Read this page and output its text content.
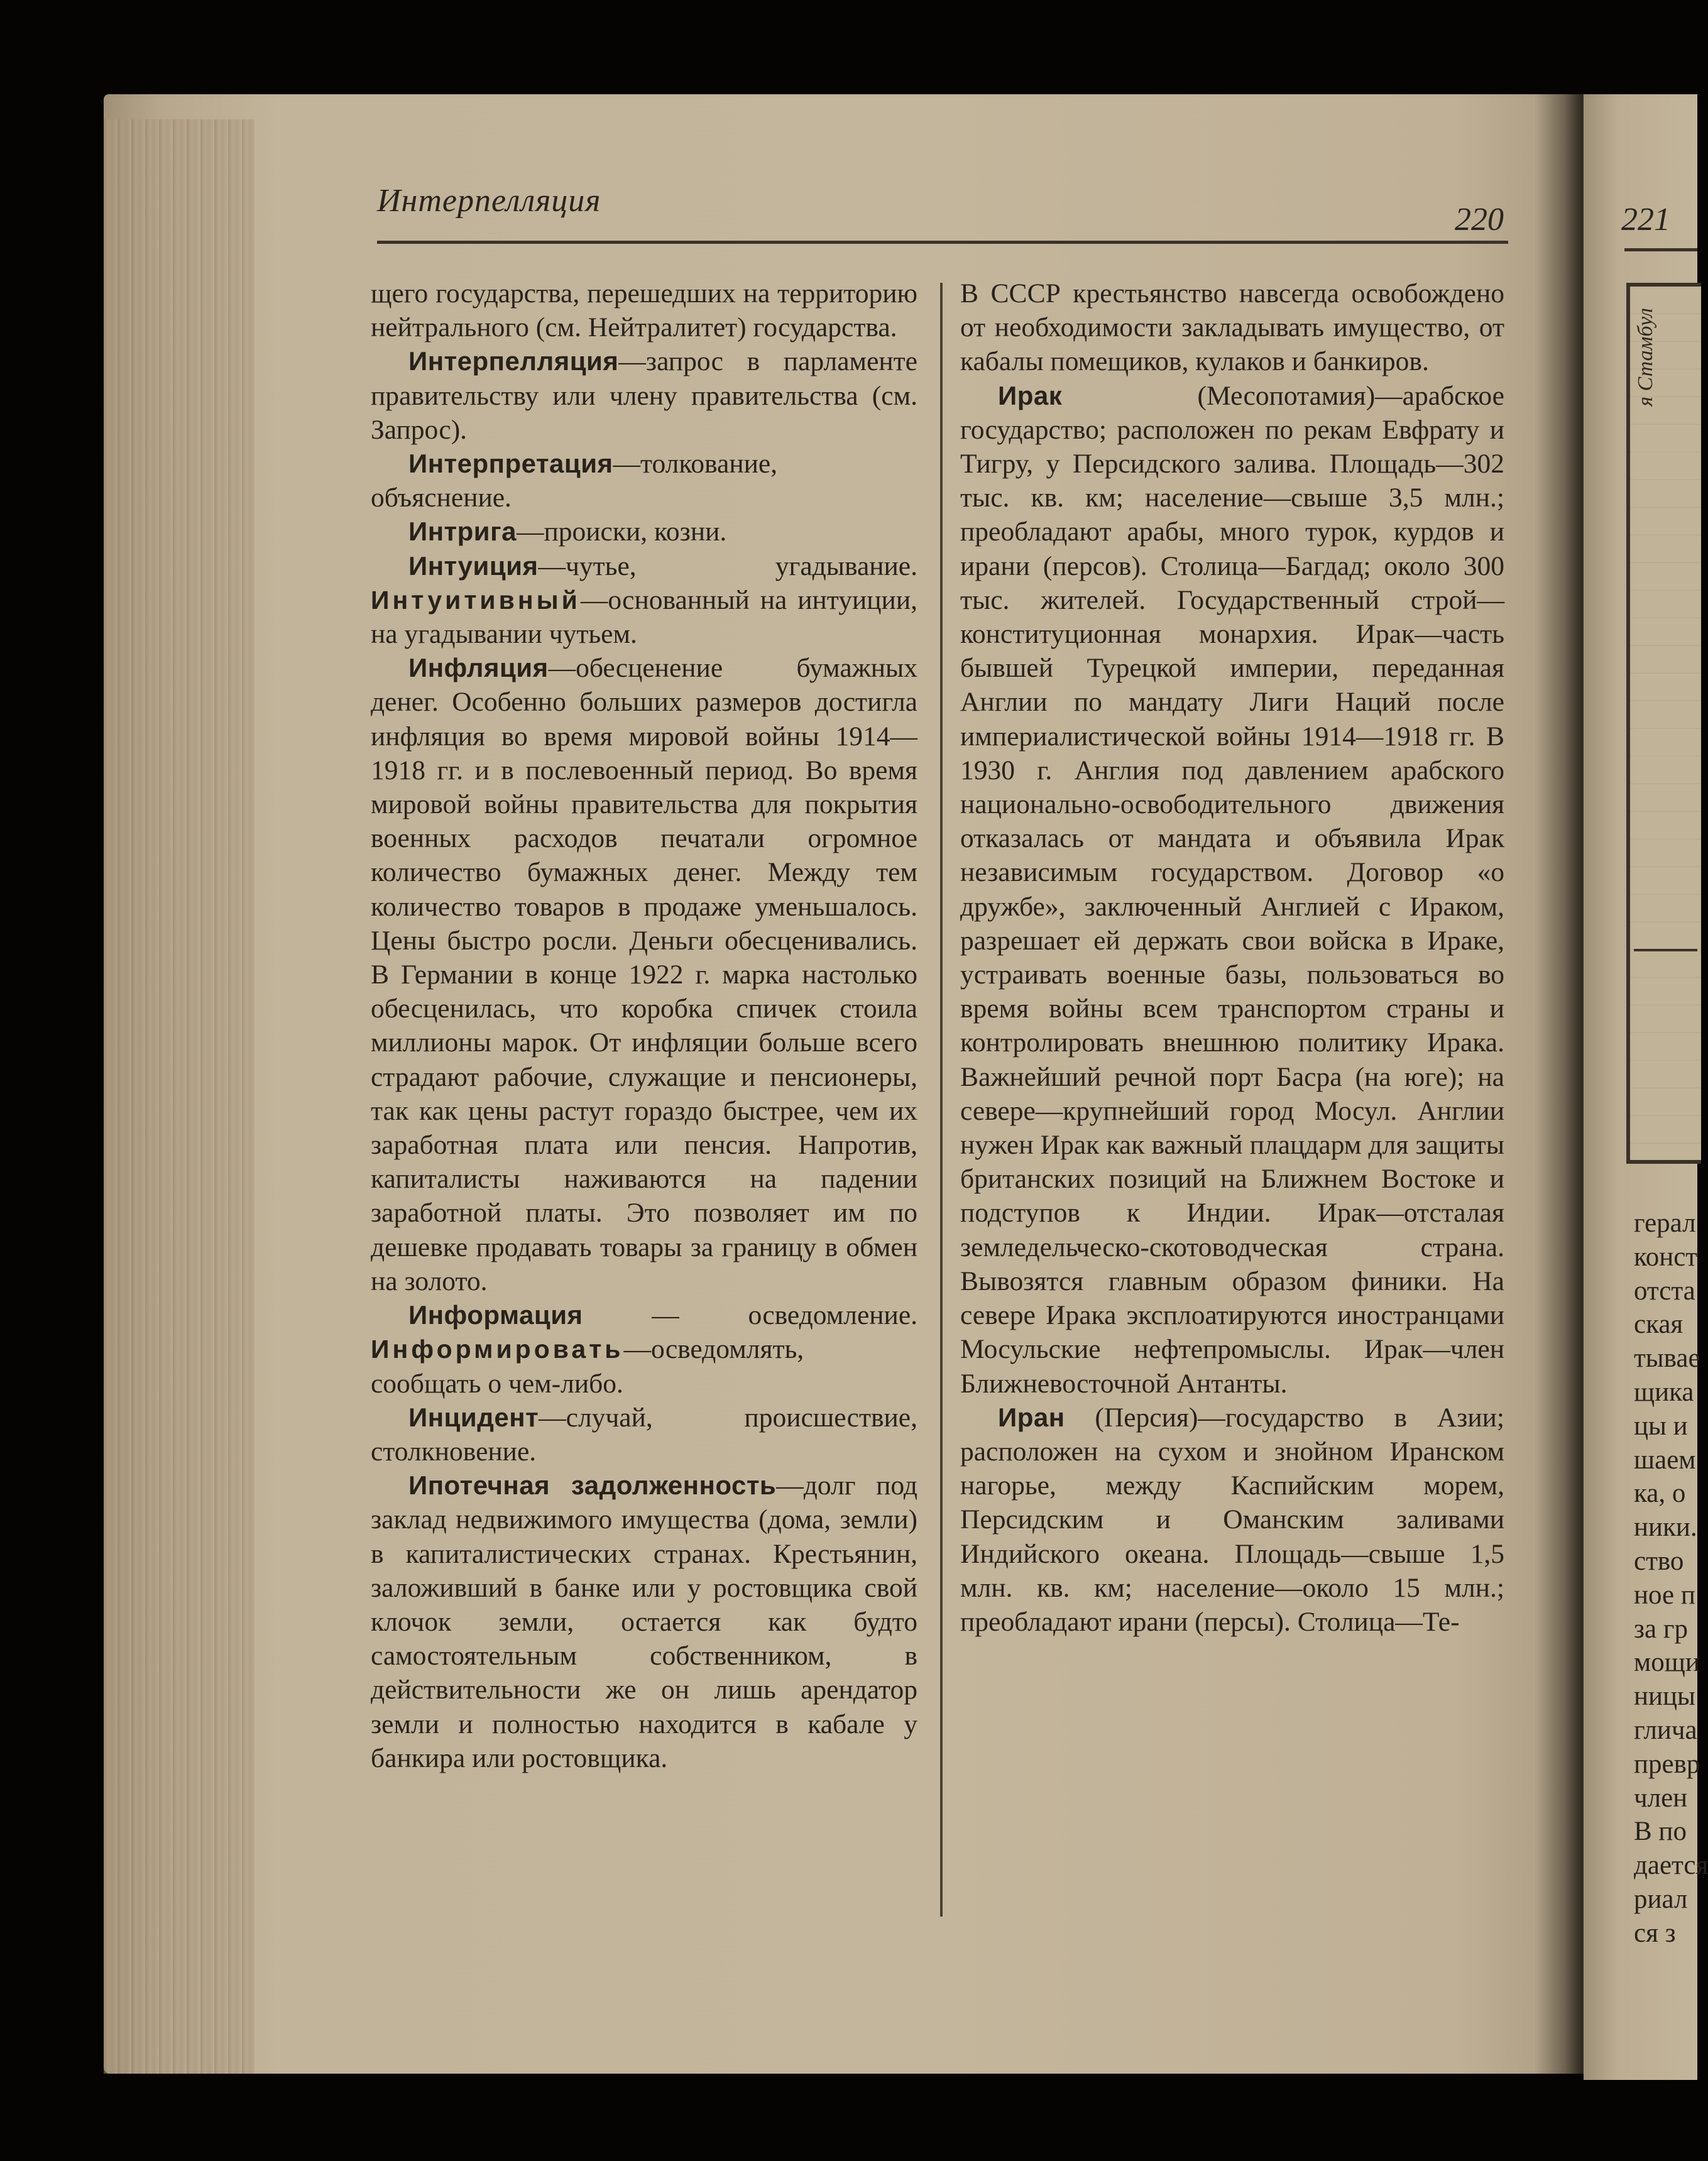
Интерпелляция
220	221

щего государства, перешедших на территорию нейтрального (см. Нейтралитет) государства.

Интерпелляция—запрос в парламенте правительству или члену правительства (см. Запрос).

Интерпретация—толкование, объяснение.

Интрига—происки, козни.

Интуиция—чутье, угадывание. Интуитивный—основанный на интуиции, на угадывании чутьем.

Инфляция—обесценение бумажных денег. Особенно больших размеров достигла инфляция во время мировой войны 1914—1918 гг. и в послевоенный период. Во время мировой войны правительства для покрытия военных расходов печатали огромное количество бумажных денег. Между тем количество товаров в продаже уменьшалось. Цены быстро росли. Деньги обесценивались. В Германии в конце 1922 г. марка настолько обесценилась, что коробка спичек стоила миллионы марок. От инфляции больше всего страдают рабочие, служащие и пенсионеры, так как цены растут гораздо быстрее, чем их заработная плата или пенсия. Напротив, капиталисты наживаются на падении заработной платы. Это позволяет им по дешевке продавать товары за границу в обмен на золото.

Информация — осведомление. Информировать—осведомлять, сообщать о чем-либо.

Инцидент—случай, происшествие, столкновение.

Ипотечная задолженность—долг под заклад недвижимого имущества (дома, земли) в капиталистических странах. Крестьянин, заложивший в банке или у ростовщика свой клочок земли, остается как будто самостоятельным собственником, в действительности же он лишь арендатор земли и полностью находится в кабале у банкира или ростовщика.

В СССР крестьянство навсегда освобождено от необходимости закладывать имущество, от кабалы помещиков, кулаков и банкиров.

Ирак (Месопотамия)—арабское государство; расположен по рекам Евфрату и Тигру, у Персидского залива. Площадь—302 тыс. кв. км; население—свыше 3,5 млн.; преобладают арабы, много турок, курдов и ирани (персов). Столица—Багдад; около 300 тыс. жителей. Государственный строй—конституционная монархия. Ирак—часть бывшей Турецкой империи, переданная Англии по мандату Лиги Наций после империалистической войны 1914—1918 гг. В 1930 г. Англия под давлением арабского национально-освободительного движения отказалась от мандата и объявила Ирак независимым государством. Договор «о дружбе», заключенный Англией с Ираком, разрешает ей держать свои войска в Ираке, устраивать военные базы, пользоваться во время войны всем транспортом страны и контролировать внешнюю политику Ирака. Важнейший речной порт Басра (на юге); на севере—крупнейший город Мосул. Англии нужен Ирак как важный плацдарм для защиты британских позиций на Ближнем Востоке и подступов к Индии. Ирак—отсталая земледельческо-скотоводческая страна. Вывозятся главным образом финики. На севере Ирака эксплоатируются иностранцами Мосульские нефтепромыслы. Ирак—член Ближневосточной Антанты.

Иран (Персия)—государство в Азии; расположен на сухом и знойном Иранском нагорье, между Каспийским морем, Персидским и Оманским заливами Индийского океана. Площадь—свыше 1,5 млн. кв. км; население—около 15 млн.; преобладают ирани (персы). Столица—Те-

я Стамбул
герал
конст
отста
ская
тывае
щика
цы и
шаем
ка, о
ники.
ство
ное п
за гр
мощи
ницы
глича
превр
член
В по
дается
риал
ся з
